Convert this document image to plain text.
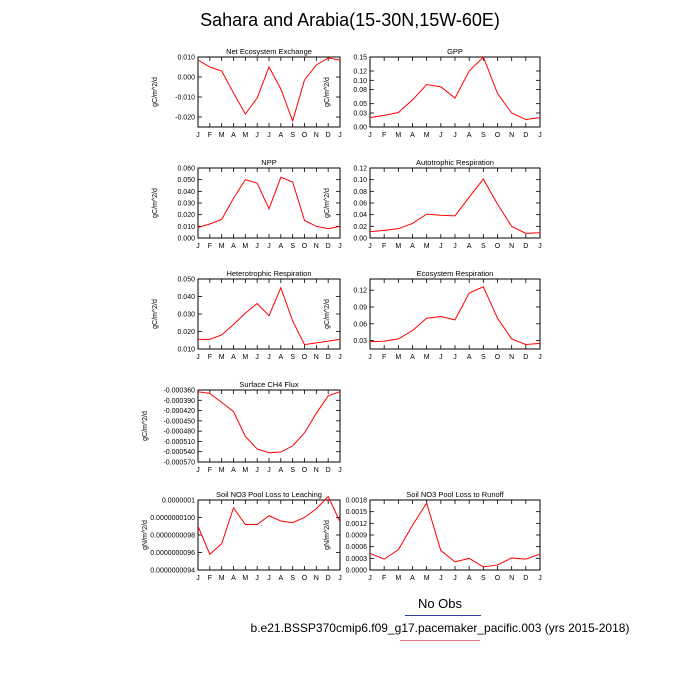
Sahara and Arabia(15-30N,15W-60E)
Net Ecosystem Exchange
gC/m^2/d
0.010
0.000
-0.010
-0.020
J F M A M J J A S O N D J
GPP
gC/m^2/d
0.15
0.12
0.10
0.08
0.05
0.03
0.00
J F M A M J J A S O N D J
NPP
gC/m^2/d
0.060
0.050
0.040
0.030
0.020
0.010
0.000
J F M A M J J A S O N D J
Autotrophic Respiration
gC/m^2/d
0.12
0.10
0.08
0.06
0.04
0.02
0.00
J F M A M J J A S O N D J
Heterotrophic Respiration
gC/m^2/d
0.050
0.040
0.030
0.020
0.010
J F M A M J J A S O N D J
Ecosystem Respiration
gC/m^2/d
0.12
0.09
0.06
0.03
J F M A M J J A S O N D J
Surface CH4 Flux
gC/m^2/d
-0.000360
-0.000390
-0.000420
-0.000450
-0.000480
-0.000510
-0.000540
-0.000570
J F M A M J J A S O N D J
Soil NO3 Pool Loss to Leaching
gN/m^2/d
0.0000001
0.0000000100
0.0000000098
0.0000000096
0.0000000094
J F M A M J J A S O N D J
Soil NO3 Pool Loss to Runoff
gN/m^2/d
0.0018
0.0015
0.0012
0.0009
0.0006
0.0003
0.0000
J F M A M J J A S O N D J
No Obs
b.e21.BSSP370cmip6.f09_g17.pacemaker_pacific.003 (yrs 2015-2018)
